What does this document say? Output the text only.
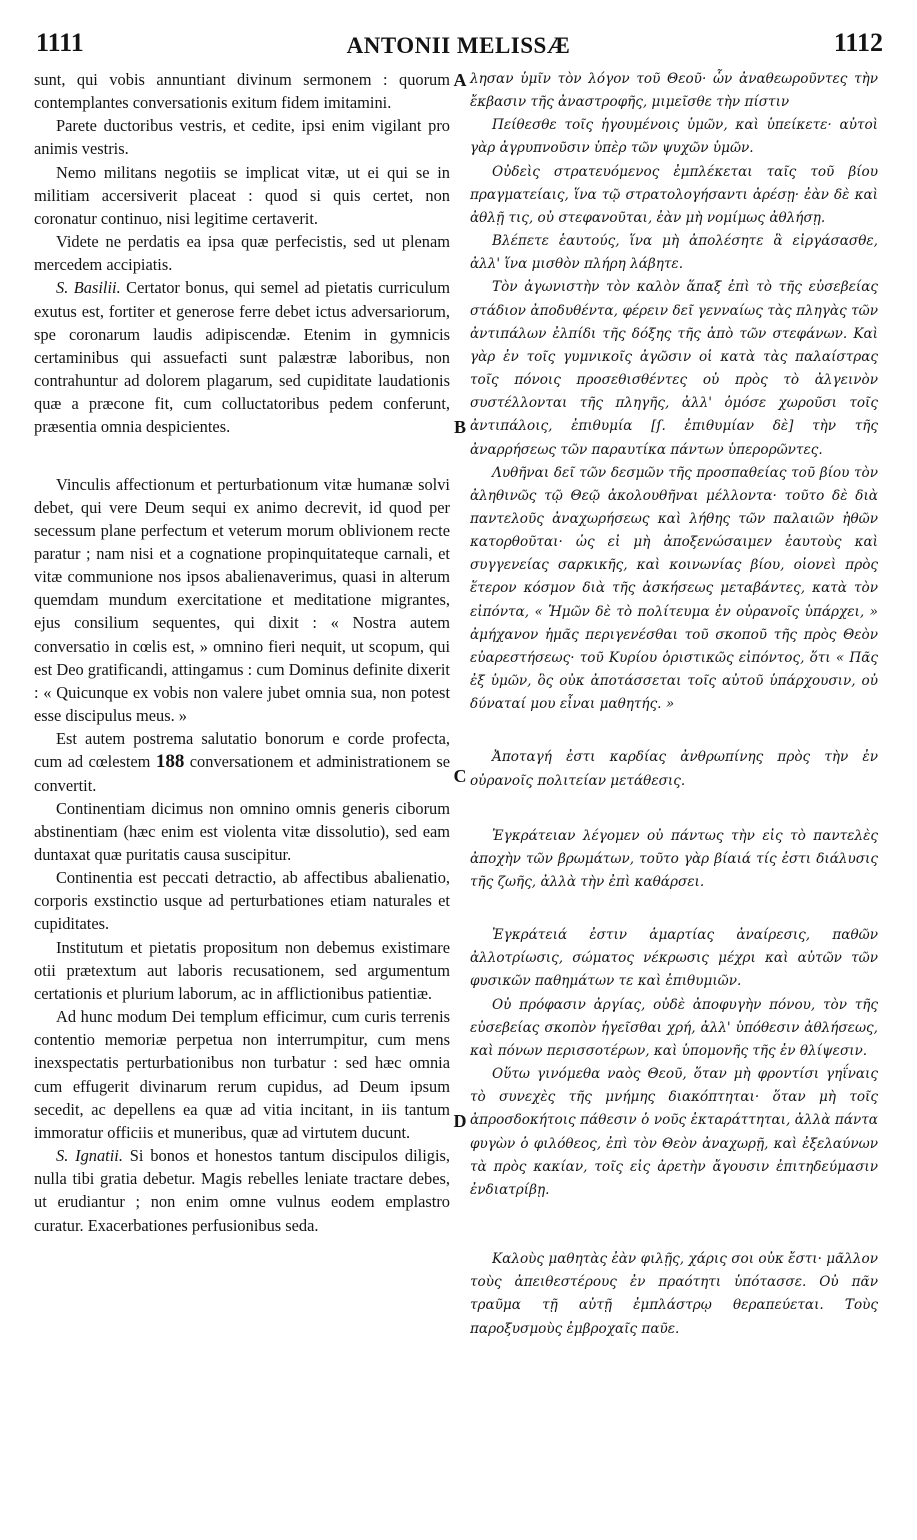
1111	ANTONII MELISSÆ	1112
A
B
C
D

sunt, qui vobis annuntiant divinum sermonem : quorum contemplantes conversationis exitum fidem imitamini.

Parete ductoribus vestris, et cedite, ipsi enim vigilant pro animis vestris.

Nemo militans negotiis se implicat vitæ, ut ei qui se in militiam accersiverit placeat : quod si quis certet, non coronatur continuo, nisi legitime certaverit.

Videte ne perdatis ea ipsa quæ perfecistis, sed ut plenam mercedem accipiatis.

S. Basilii. Certator bonus, qui semel ad pietatis curriculum exutus est, fortiter et generose ferre debet ictus adversariorum, spe coronarum laudis adipiscendæ. Etenim in gymnicis certaminibus qui assuefacti sunt palæstræ laboribus, non contrahuntur ad dolorem plagarum, sed cupiditate laudationis quæ a præcone fit, cum colluctatoribus pedem conferunt, præsentia omnia despicientes.

Vinculis affectionum et perturbationum vitæ humanæ solvi debet, qui vere Deum sequi ex animo decrevit, id quod per secessum plane perfectum et veterum morum oblivionem recte paratur ; nam nisi et a cognatione propinquitateque carnali, et vitæ communione nos ipsos abalienaverimus, quasi in alterum quemdam mundum exercitatione et meditatione migrantes, ejus consilium sequentes, qui dixit : « Nostra autem conversatio in cœlis est, » omnino fieri nequit, ut scopum, qui est Deo gratificandi, attingamus : cum Dominus definite dixerit : « Quicunque ex vobis non valere jubet omnia sua, non potest esse discipulus meus. »

Est autem postrema salutatio bonorum e corde profecta, cum ad cœlestem 188 conversationem et administrationem se convertit.

Continentiam dicimus non omnino omnis generis ciborum abstinentiam (hæc enim est violenta vitæ dissolutio), sed eam duntaxat quæ puritatis causa suscipitur.

Continentia est peccati detractio, ab affectibus abalienatio, corporis exstinctio usque ad perturbationes etiam naturales et cupiditates.

Institutum et pietatis propositum non debemus existimare otii prætextum aut laboris recusationem, sed argumentum certationis et plurium laborum, ac in afflictionibus patientiæ.

Ad hunc modum Dei templum efficimur, cum curis terrenis contentio memoriæ perpetua non interrumpitur, cum mens inexspectatis perturbationibus non turbatur : sed hæc omnia cum effugerit divinarum rerum cupidus, ad Deum ipsum secedit, ac depellens ea quæ ad vitia incitant, in iis tantum immoratur officiis et muneribus, quæ ad virtutem ducunt.

S. Ignatii. Si bonos et honestos tantum discipulos diligis, nulla tibi gratia debetur. Magis rebelles leniate tractare debes, ut erudiantur ; non enim omne vulnus eodem emplastro curatur. Exacerbationes perfusionibus seda.

λησαν ὑμῖν τὸν λόγον τοῦ Θεοῦ· ὧν ἀναθεωροῦντες τὴν ἔκβασιν τῆς ἀναστροφῆς, μιμεῖσθε τὴν πίστιν

Πείθεσθε τοῖς ἡγουμένοις ὑμῶν, καὶ ὑπείκετε· αὐτοὶ γὰρ ἀγρυπνοῦσιν ὑπὲρ τῶν ψυχῶν ὑμῶν.

Οὐδεὶς στρατευόμενος ἐμπλέκεται ταῖς τοῦ βίου πραγματείαις, ἵνα τῷ στρατολογήσαντι ἀρέσῃ· ἐὰν δὲ καὶ ἀθλῇ τις, οὐ στεφανοῦται, ἐὰν μὴ νομίμως ἀθλήσῃ.

Βλέπετε ἑαυτούς, ἵνα μὴ ἀπολέσητε ἃ εἰργάσασθε, ἀλλ' ἵνα μισθὸν πλήρη λάβητε.

Τὸν ἀγωνιστὴν τὸν καλὸν ἅπαξ ἐπὶ τὸ τῆς εὐσεβείας στάδιον ἀποδυθέντα, φέρειν δεῖ γενναίως τὰς πληγὰς τῶν ἀντιπάλων ἐλπίδι τῆς δόξης τῆς ἀπὸ τῶν στεφάνων. Καὶ γὰρ ἐν τοῖς γυμνικοῖς ἀγῶσιν οἱ κατὰ τὰς παλαίστρας τοῖς πόνοις προσεθισθέντες οὐ πρὸς τὸ ἀλγεινὸν συστέλλονται τῆς πληγῆς, ἀλλ' ὁμόσε χωροῦσι τοῖς ἀντιπάλοις, ἐπιθυμία [ſ. ἐπιθυμίαν δὲ] τὴν τῆς ἀναρρήσεως τῶν παραυτίκα πάντων ὑπερορῶντες.

Λυθῆναι δεῖ τῶν δεσμῶν τῆς προσπαθείας τοῦ βίου τὸν ἀληθινῶς τῷ Θεῷ ἀκολουθῆναι μέλλοντα· τοῦτο δὲ διὰ παντελοῦς ἀναχωρήσεως καὶ λήθης τῶν παλαιῶν ἠθῶν κατορθοῦται· ὡς εἰ μὴ ἀποξενώσαιμεν ἑαυτοὺς καὶ συγγενείας σαρκικῆς, καὶ κοινωνίας βίου, οἱονεὶ πρὸς ἕτερον κόσμον διὰ τῆς ἀσκήσεως μεταβάντες, κατὰ τὸν εἰπόντα, « Ἡμῶν δὲ τὸ πολίτευμα ἐν οὐρανοῖς ὑπάρχει, » ἀμήχανον ἡμᾶς περιγενέσθαι τοῦ σκοποῦ τῆς πρὸς Θεὸν εὐαρεστήσεως· τοῦ Κυρίου ὁριστικῶς εἰπόντος, ὅτι « Πᾶς ἐξ ὑμῶν, ὃς οὐκ ἀποτάσσεται τοῖς αὐτοῦ ὑπάρχουσιν, οὐ δύναταί μου εἶναι μαθητής. »

Ἀποταγή ἐστι καρδίας ἀνθρωπίνης πρὸς τὴν ἐν οὐρανοῖς πολιτείαν μετάθεσις.

Ἐγκράτειαν λέγομεν οὐ πάντως τὴν εἰς τὸ παντελὲς ἀποχὴν τῶν βρωμάτων, τοῦτο γὰρ βίαιά τίς ἐστι διάλυσις τῆς ζωῆς, ἀλλὰ τὴν ἐπὶ καθάρσει.

Ἐγκράτειά ἐστιν ἁμαρτίας ἀναίρεσις, παθῶν ἀλλοτρίωσις, σώματος νέκρωσις μέχρι καὶ αὐτῶν τῶν φυσικῶν παθημάτων τε καὶ ἐπιθυμιῶν.

Οὐ πρόφασιν ἀργίας, οὐδὲ ἀποφυγὴν πόνου, τὸν τῆς εὐσεβείας σκοπὸν ἡγεῖσθαι χρή, ἀλλ' ὑπόθεσιν ἀθλήσεως, καὶ πόνων περισσοτέρων, καὶ ὑπομονῆς τῆς ἐν θλίψεσιν.

Οὕτω γινόμεθα ναὸς Θεοῦ, ὅταν μὴ φροντίσι γηΐναις τὸ συνεχὲς τῆς μνήμης διακόπτηται· ὅταν μὴ τοῖς ἀπροσδοκήτοις πάθεσιν ὁ νοῦς ἐκταράττηται, ἀλλὰ πάντα φυγὼν ὁ φιλόθεος, ἐπὶ τὸν Θεὸν ἀναχωρῇ, καὶ ἐξελαύνων τὰ πρὸς κακίαν, τοῖς εἰς ἀρετὴν ἄγουσιν ἐπιτηδεύμασιν ἐνδιατρίβῃ.

Καλοὺς μαθητὰς ἐὰν φιλῇς, χάρις σοι οὐκ ἔστι· μᾶλλον τοὺς ἀπειθεστέρους ἐν πραότητι ὑπότασσε. Οὐ πᾶν τραῦμα τῇ αὐτῇ ἐμπλάστρῳ θεραπεύεται. Τοὺς παροξυσμοὺς ἐμβροχαῖς παῦε.
